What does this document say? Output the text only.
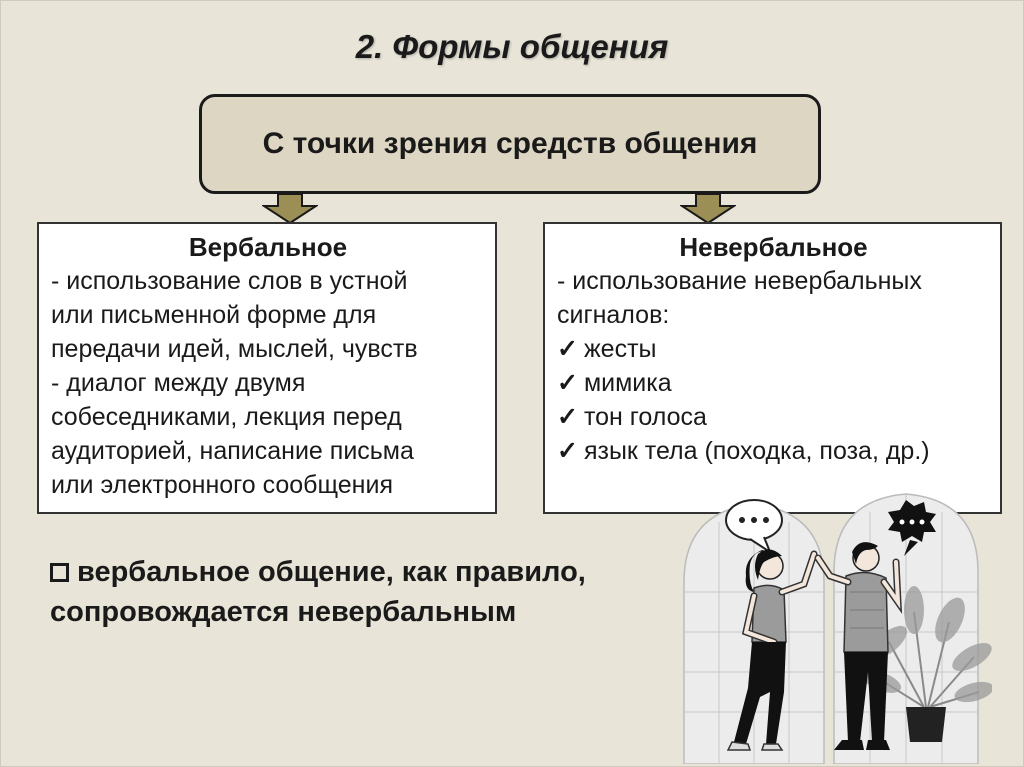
2. Формы общения
С точки зрения средств общения
Вербальное
- использование слов в устной
или письменной форме для
передачи идей, мыслей, чувств
- диалог между двумя
собеседниками, лекция перед
аудиторией, написание письма
или электронного сообщения
Невербальное
- использование невербальных
сигналов:
✓ жесты
✓ мимика
✓ тон голоса
✓ язык тела (походка, поза, др.)
вербальное общение, как правило,
сопровождается невербальным
